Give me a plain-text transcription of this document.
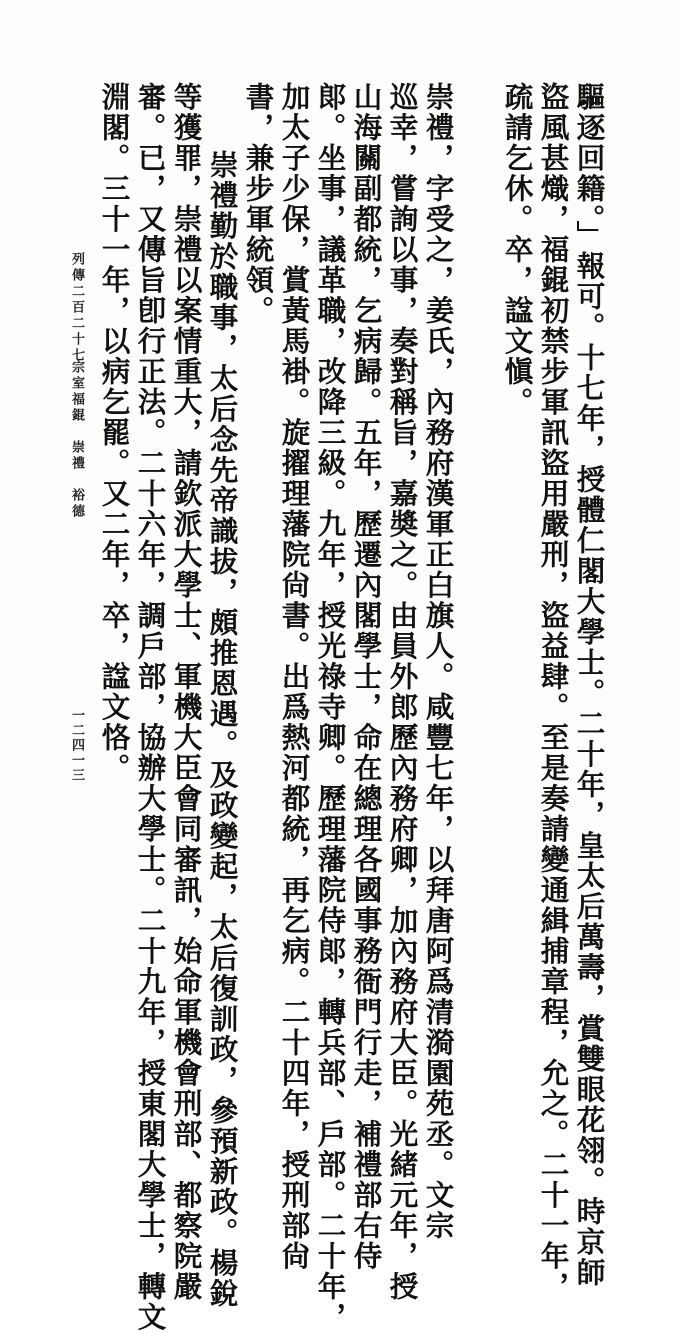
驅逐回籍。」報可。十七年，授體仁閣大學士。二十年，皇太后萬壽，賞雙眼花翎。時京師
盜風甚熾，福錕初禁步軍訊盜用嚴刑，盜益肆。至是奏請變通緝捕章程，允之。二十一年，
疏請乞休。卒，諡文愼。
崇禮，字受之，姜氏，內務府漢軍正白旗人。咸豐七年，以拜唐阿爲清漪園苑丞。文宗
巡幸，嘗詢以事，奏對稱旨，嘉奬之。由員外郎歷內務府卿，加內務府大臣。光緒元年，授
山海關副都統，乞病歸。五年，歷遷內閣學士，命在總理各國事務衙門行走，補禮部右侍
郞。坐事，議革職，改降三級。九年，授光祿寺卿。歷理藩院侍郞，轉兵部、戶部。二十年，
加太子少保，賞黃馬褂。旋擢理藩院尙書。出爲熱河都統，再乞病。二十四年，授刑部尙
書，兼步軍統領。
崇禮勤於職事，太后念先帝識拔，頗推恩遇。及政變起，太后復訓政，參預新政。楊銳
等獲罪，崇禮以案情重大，請欽派大學士、軍機大臣會同審訊，始命軍機會刑部、都察院嚴
審。已，又傳旨卽行正法。二十六年，調戶部，協辦大學士。二十九年，授東閣大學士，轉文
淵閣。三十一年，以病乞罷。又二年，卒，諡文恪。
列傳二百二十七
宗室福錕　崇禮　裕德
一二四一三
